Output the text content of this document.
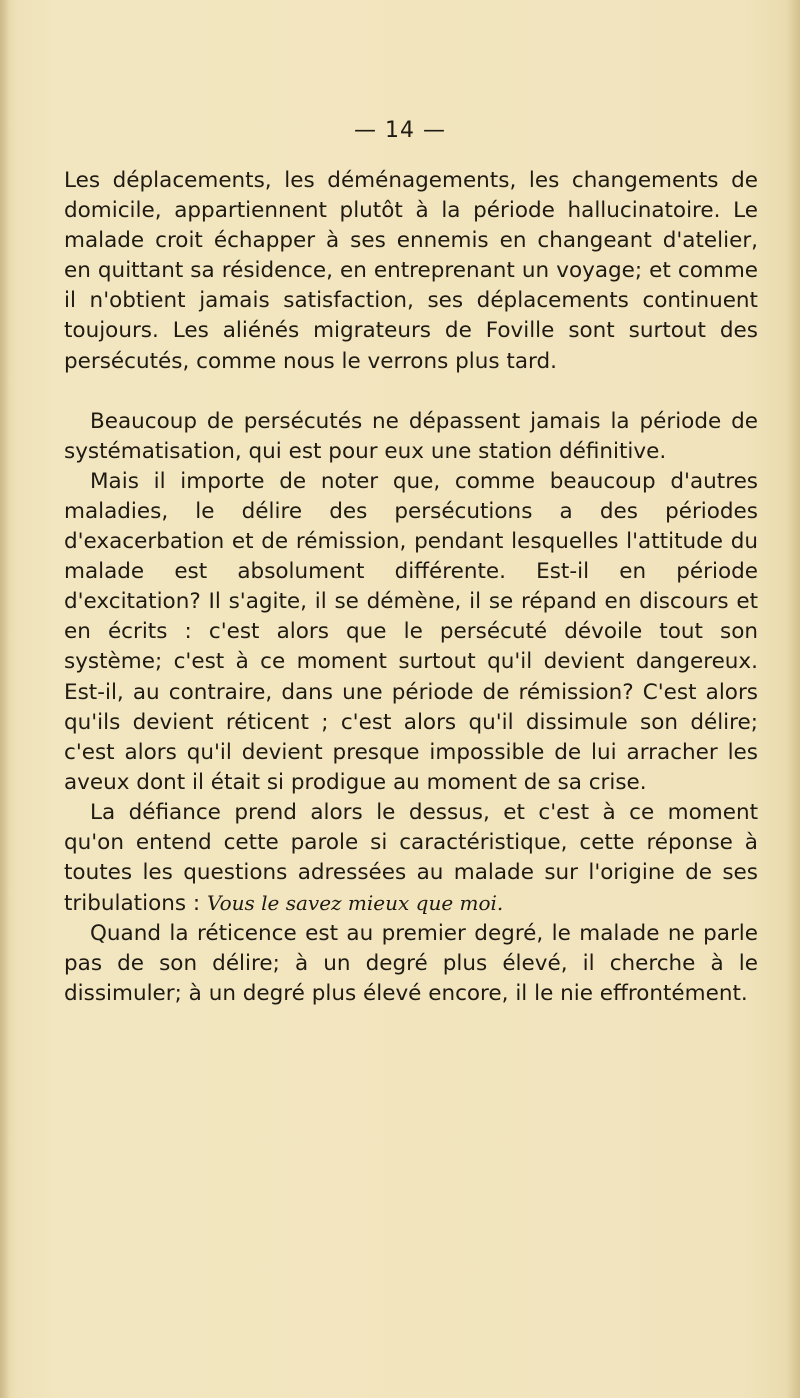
— 14 —

Les déplacements, les déménagements, les changements de domicile, appartiennent plutôt à la période hallucinatoire. Le malade croit échapper à ses ennemis en changeant d'atelier, en quittant sa résidence, en entreprenant un voyage; et comme il n'obtient jamais satisfaction, ses déplacements continuent toujours. Les aliénés migrateurs de Foville sont surtout des persécutés, comme nous le verrons plus tard.

Beaucoup de persécutés ne dépassent jamais la période de systématisation, qui est pour eux une station définitive.

Mais il importe de noter que, comme beaucoup d'autres maladies, le délire des persécutions a des périodes d'exacerbation et de rémission, pendant lesquelles l'attitude du malade est absolument différente. Est-il en période d'excitation? Il s'agite, il se démène, il se répand en discours et en écrits : c'est alors que le persécuté dévoile tout son système; c'est à ce moment surtout qu'il devient dangereux. Est-il, au contraire, dans une période de rémission? C'est alors qu'ils devient réticent ; c'est alors qu'il dissimule son délire; c'est alors qu'il devient presque impossible de lui arracher les aveux dont il était si prodigue au moment de sa crise.

La défiance prend alors le dessus, et c'est à ce moment qu'on entend cette parole si caractéristique, cette réponse à toutes les questions adressées au malade sur l'origine de ses tribulations : Vous le savez mieux que moi.

Quand la réticence est au premier degré, le malade ne parle pas de son délire; à un degré plus élevé, il cherche à le dissimuler; à un degré plus élevé encore, il le nie effrontément.
